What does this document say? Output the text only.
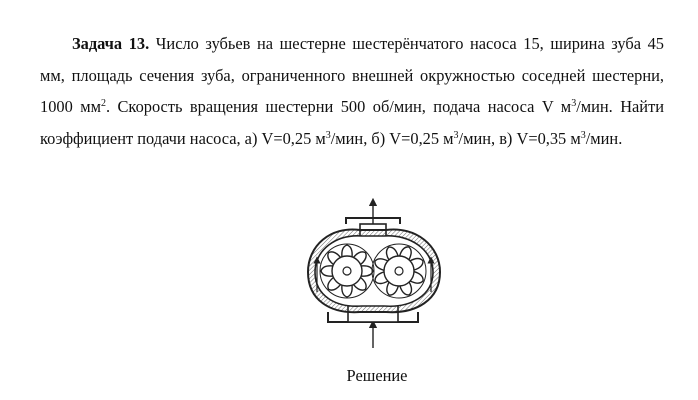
Задача 13. Число зубьев на шестерне шестерёнчатого насоса 15, ширина зуба 45 мм, площадь сечения зуба, ограниченного внешней окружностью соседней шестерни, 1000 $мм^2$. Скорость вращения шестерни 500 об/мин, подача насоса V $м^3$/мин. Найти коэффициент подачи насоса, а) V=0,25 $м^3$/мин, б) V=0,25 $м^3$/мин, в) V=0,35 $м^3$/мин.

Решение
